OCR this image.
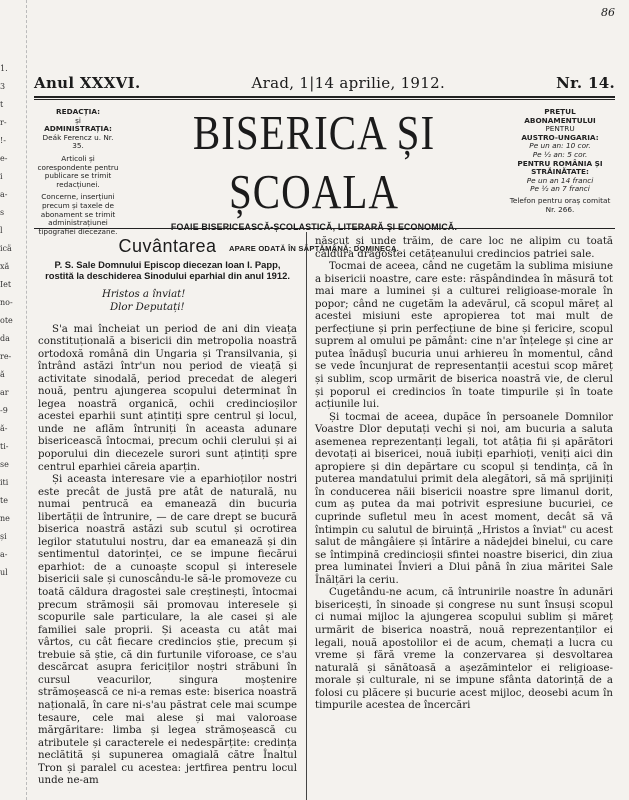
86
1.
3
t
r-
!-
e-
i
a-
s
l
icä
xă
Iet
no-
ote
da
re-
ă
ar
-9
ă-
ti-
se
iti
te
ne
și
a-
ul
Anul XXXVI.	Arad, 1|14 aprilie, 1912.	Nr. 14.
REDACȚIA:
și
ADMINISTRAȚIA:
Deák Ferencz u. Nr. 35.

Articoli și corespondente pentru publicare se trimit redacțiunei.

Concerne, inserțiuni precum și taxele de abonament se trimit administrațiunei tipografiei diecezane.

BISERICA ȘI ȘCOALA
FOAIE BISERICEASCĂ-ȘCOLASTICĂ, LITERARĂ ȘI ECONOMICĂ.
APARE ODATĂ ÎN SĂPTĂMÂNĂ: DOMINECA.
PREȚUL
ABONAMENTULUI
PENTRU
AUSTRO-UNGARIA:
Pe un an: 10 cor.
Pe ½ an: 5 cor.
PENTRU ROMÂNIA ȘI
STRĂINĂTATE:
Pe un an 14 franci
Pe ½ an 7 franci

Telefon pentru oraș comitat Nr. 266.

Cuvântarea
P. S. Sale Domnului Episcop diecezan Ioan I. Papp, rostită la deschiderea Sinodului eparhial din anul 1912.
Hristos a înviat!
Dlor Deputați!

S'a mai încheiat un period de ani din vieața constituțională a bisericii din metropolia noastră ortodoxă română din Ungaria și Transilvania, și întrând astăzi într'un nou period de vieață și activitate sinodală, period precedat de alegeri nouă, pentru ajungerea scopului determinat în legea noastră organică, ochii credincioșilor acestei eparhii sunt ațintiți spre centrul și locul, unde ne aflăm întruniți în aceasta adunare bisericească întocmai, precum ochii clerului și ai poporului din diecezele surori sunt ațintiți spre centrul eparhiei căreia aparțin.

Și aceasta interesare vie a eparhioților nostri este precât de justă pre atât de naturală, nu numai pentrucă ea emanează din bucuria libertății de întrunire, — de care drept se bucură biserica noastră astăzi sub scutul și ocrotirea legilor statutului nostru, dar ea emanează și din sentimentul datorinței, ce se impune fiecărui eparhiot: de a cunoaște scopul și interesele bisericii sale și cunoscându-le să-le promoveze cu toată căldura dragostei sale creștinești, întocmai precum strămoșii săi promovau interesele și scopurile sale particulare, la ale casei și ale familiei sale proprii. Și aceasta cu atât mai vârtos, cu cât fiecare credincios știe, precum și trebuie să știe, că din furtunile viforoase, ce s'au descărcat asupra fericiților noștri străbuni în cursul veacurilor, singura moștenire strămoșească ce ni-a remas este: biserica noastră națională, în care ni-s'au păstrat cele mai scumpe tesaure, cele mai alese și mai valoroase mărgăritare: limba și legea strămoșească cu atributele și caracterele ei nedespărțite: credința neclătită și supunerea omagială către Înaltul Tron și paralel cu acestea: jertfirea pentru locul unde ne-am

născut și unde trăim, de care loc ne alipim cu toată căldura dragostei cetățeanului credincios patriei sale.

Tocmai de aceea, când ne cugetăm la sublima misiune a bisericii noastre, care este: răspândindea în măsură tot mai mare a luminei și a culturei religioase-morale în popor; când ne cugetăm la adevărul, că scopul măreț al acestei misiuni este apropierea tot mai mult de perfecțiune și prin perfecțiune de bine și fericire, scopul suprem al omului pe pământ: cine n'ar înțelege și cine ar putea înădușî bucuria unui arhiereu în momentul, când se vede încunjurat de representanții acestui scop măreț și sublim, scop urmărit de biserica noastră vie, de clerul și poporul ei credincios în toate timpurile și în toate acțiunile lui.

Și tocmai de aceea, dupăce în persoanele Domnilor Voastre Dlor deputați vechi și noi, am bucuria a saluta asemenea reprezentanți legali, tot atâția fii și apărători devotați ai bisericei, nouă iubiți eparhioți, veniți aici din apropiere și din depărtare cu scopul și tendința, că în puterea mandatului primit dela alegători, să mă sprijiniți în conducerea năii bisericii noastre spre limanul dorit, cum aș putea da mai potrivit espresiune bucuriei, ce cuprinde sufletul meu în acest moment, decât să vă întimpin cu salutul de biruință „Hristos a înviat" cu acest salut de mângâiere și întărire a nădejdei binelui, cu care se întimpină credincioșii sfintei noastre biserici, din ziua prea luminatei Învieri a Dlui până în ziua măritei Sale Înălțări la ceriu.

Cugetându-ne acum, că întrunirile noastre în adunări bisericești, în sinoade și congrese nu sunt însuși scopul ci numai mijloc la ajungerea scopului sublim și măreț urmărit de biserica noastră, nouă reprezentanților ei legali, nouă apostolilor ei de acum, chemați a lucra cu vreme și fără vreme la conzervarea și desvoltarea naturală și sănătoasă a așezămintelor ei religioase-morale și culturale, ni se impune sfânta datorință de a folosi cu plăcere și bucurie acest mijloc, deosebi acum în timpurile acestea de încercări
